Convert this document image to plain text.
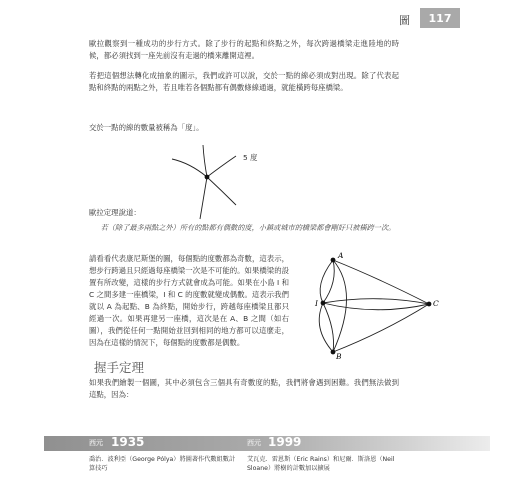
圖	117

歐拉觀察到一種成功的步行方式。除了步行的起點和終點之外，每次跨過橋梁走進陸地的時候，都必須找到一座先前沒有走過的橋來離開這裡。

若把這個想法轉化成抽象的圖示，我們或許可以說，交於一點的線必須成對出現。除了代表起點和終點的兩點之外，若且唯若各個點都有偶數條線通過，就能橫跨每座橋梁。

交於一點的線的數量被稱為「度」。

5 度

歐拉定理說道：

若（除了最多兩點之外）所有的點都有偶數的度，小鎮或城市的橋梁都會剛好只被橫跨一次。

請看看代表康尼斯堡的圖，每個點的度數都為奇數，這表示，想步行跨過且只經過每座橋梁一次是不可能的。如果橋梁的設置有所改變，這樣的步行方式就會成為可能。如果在小島 I 和 C 之間多建一座橋梁，I 和 C 的度數就變成偶數。這表示我們就以 A 為起點、B 為終點，開始步行，跨越每座橋梁且都只經過一次。如果再建另一座橋，這次是在 A、B 之間（如右圖），我們從任何一點開始並回到相同的地方都可以這麼走，因為在這樣的情況下，每個點的度數都是偶數。

A
I	C
B
握手定理

如果我們繪製一個圖，其中必須包含三個具有奇數度的點，我們將會遇到困難。我們無法做到這點，因為：

西元 1935	西元 1999

喬治．波利亞（George Pólya）將圖著作代數組數計算技巧

艾瓦克．雷恩斯（Eric Rains）和尼爾．斯洛恩（Neil Sloane）將樹的計數加以擴展
